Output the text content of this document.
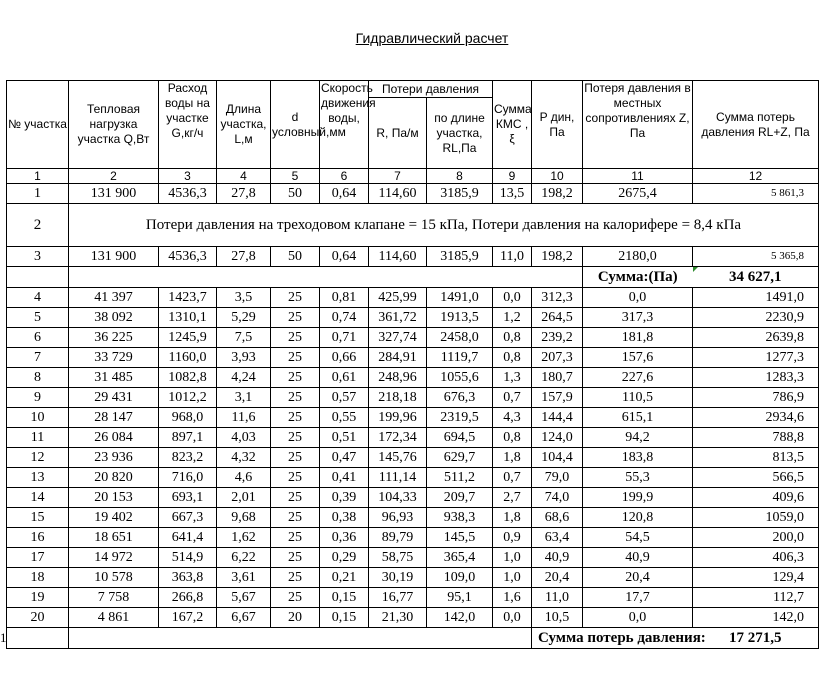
Гидравлический расчет
1
№ участка	Тепловая нагрузка участка Q,Вт	Расход воды на участке G,кг/ч	Длина участка, L,м	d условный,мм	Скорость движения воды,	Потери давления		Сумма КМС , ξ	P дин, Па	Потеря давления в местных сопротивлениях Z, Па	Сумма потерь давления RL+Z, Па
						R, Па/м	по длине участка, RL,Па				
1	2	3	4	5	6	7	8	9	10	11	12
1	131 900	4536,3	27,8	50	0,64	114,60	3185,9	13,5	198,2	2675,4	5 861,3
2	Потери давления на треходовом клапане = 15 кПа, Потери давления на калорифере = 8,4 кПа										
3	131 900	4536,3	27,8	50	0,64	114,60	3185,9	11,0	198,2	2180,0	5 365,8
										Сумма:(Па)	34 627,1

4	41 397	1423,7	3,5	25	0,81	425,99	1491,0	0,0	312,3	0,0	1491,0
5	38 092	1310,1	5,29	25	0,74	361,72	1913,5	1,2	264,5	317,3	2230,9
6	36 225	1245,9	7,5	25	0,71	327,74	2458,0	0,8	239,2	181,8	2639,8
7	33 729	1160,0	3,93	25	0,66	284,91	1119,7	0,8	207,3	157,6	1277,3
8	31 485	1082,8	4,24	25	0,61	248,96	1055,6	1,3	180,7	227,6	1283,3
9	29 431	1012,2	3,1	25	0,57	218,18	676,3	0,7	157,9	110,5	786,9
10	28 147	968,0	11,6	25	0,55	199,96	2319,5	4,3	144,4	615,1	2934,6
11	26 084	897,1	4,03	25	0,51	172,34	694,5	0,8	124,0	94,2	788,8
12	23 936	823,2	4,32	25	0,47	145,76	629,7	1,8	104,4	183,8	813,5
13	20 820	716,0	4,6	25	0,41	111,14	511,2	0,7	79,0	55,3	566,5
14	20 153	693,1	2,01	25	0,39	104,33	209,7	2,7	74,0	199,9	409,6
15	19 402	667,3	9,68	25	0,38	96,93	938,3	1,8	68,6	120,8	1059,0
16	18 651	641,4	1,62	25	0,36	89,79	145,5	0,9	63,4	54,5	200,0
17	14 972	514,9	6,22	25	0,29	58,75	365,4	1,0	40,9	40,9	406,3
18	10 578	363,8	3,61	25	0,21	30,19	109,0	1,0	20,4	20,4	129,4
19	7 758	266,8	5,67	25	0,15	16,77	95,1	1,6	11,0	17,7	112,7
20	4 861	167,2	6,67	20	0,15	21,30	142,0	0,0	10,5	0,0	142,0
									Сумма потерь давления:		17 271,5
